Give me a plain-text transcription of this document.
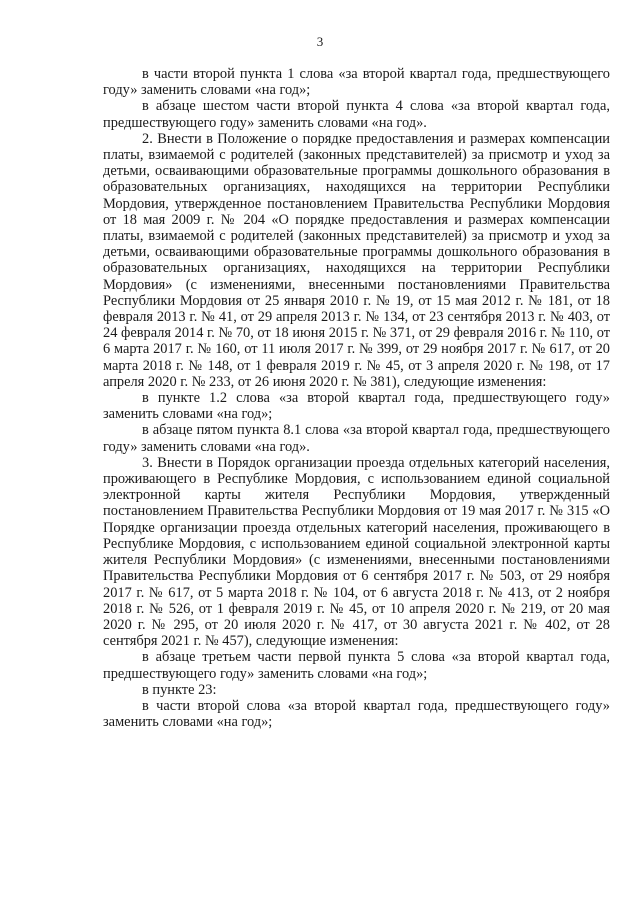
3

в части второй пункта 1 слова «за второй квартал года, предшествующего году» заменить словами «на год»;

в абзаце шестом части второй пункта 4 слова «за второй квартал года, предшествующего году» заменить словами «на год».

2. Внести в Положение о порядке предоставления и размерах компенсации платы, взимаемой с родителей (законных представителей) за присмотр и уход за детьми, осваивающими образовательные программы дошкольного образования в образовательных организациях, находящихся на территории Республики Мордовия, утвержденное постановлением Правительства Республики Мордовия от 18 мая 2009 г. № 204 «О порядке предоставления и размерах компенсации платы, взимаемой с родителей (законных представителей) за присмотр и уход за детьми, осваивающими образовательные программы дошкольного образования в образовательных организациях, находящихся на территории Республики Мордовия» (с изменениями, внесенными постановлениями Правительства Республики Мордовия от 25 января 2010 г. № 19, от 15 мая 2012 г. № 181, от 18 февраля 2013 г. № 41, от 29 апреля 2013 г. № 134, от 23 сентября 2013 г. № 403, от 24 февраля 2014 г. № 70, от 18 июня 2015 г. № 371, от 29 февраля 2016 г. № 110, от 6 марта 2017 г. № 160, от 11 июля 2017 г. № 399, от 29 ноября 2017 г. № 617, от 20 марта 2018 г. № 148, от 1 февраля 2019 г. № 45, от 3 апреля 2020 г. № 198, от 17 апреля 2020 г. № 233, от 26 июня 2020 г. № 381), следующие изменения:

в пункте 1.2 слова «за второй квартал года, предшествующего году» заменить словами «на год»;

в абзаце пятом пункта 8.1 слова «за второй квартал года, предшествующего году» заменить словами «на год».

3. Внести в Порядок организации проезда отдельных категорий населения, проживающего в Республике Мордовия, с использованием единой социальной электронной карты жителя Республики Мордовия, утвержденный постановлением Правительства Республики Мордовия от 19 мая 2017 г. № 315 «О Порядке организации проезда отдельных категорий населения, проживающего в Республике Мордовия, с использованием единой социальной электронной карты жителя Республики Мордовия» (с изменениями, внесенными постановлениями Правительства Республики Мордовия от 6 сентября 2017 г. № 503, от 29 ноября 2017 г. № 617, от 5 марта 2018 г. № 104, от 6 августа 2018 г. № 413, от 2 ноября 2018 г. № 526, от 1 февраля 2019 г. № 45, от 10 апреля 2020 г. № 219, от 20 мая 2020 г. № 295, от 20 июля 2020 г. № 417, от 30 августа 2021 г. № 402, от 28 сентября 2021 г. № 457), следующие изменения:

в абзаце третьем части первой пункта 5 слова «за второй квартал года, предшествующего году» заменить словами «на год»;

в пункте 23:

в части второй слова «за второй квартал года, предшествующего году» заменить словами «на год»;
